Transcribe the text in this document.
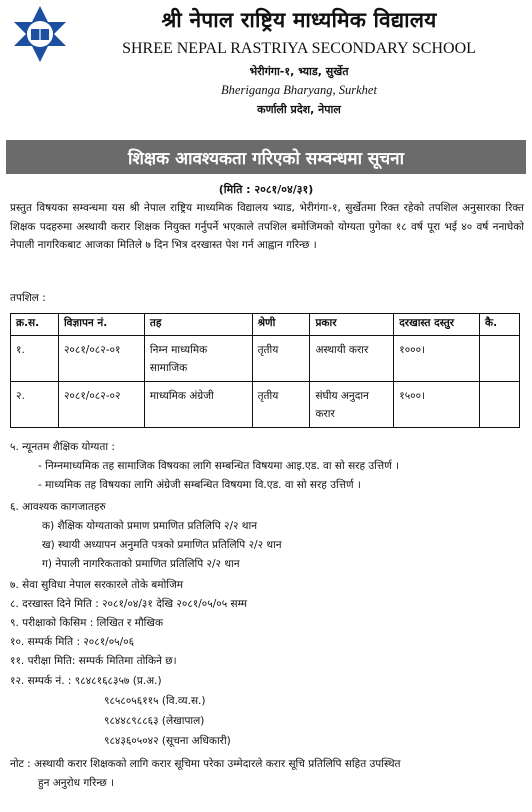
श्री नेपाल राष्ट्रिय माध्यमिक विद्यालय
SHREE NEPAL RASTRIYA SECONDARY SCHOOL
भेरीगंगा-१, भ्याड, सुर्खेत
Bheriganga Bharyang, Surkhet
कर्णाली प्रदेश, नेपाल
शिक्षक आवश्यकता गरिएको सम्वन्धमा सूचना
(मिति : २०८१/०४/३१)

प्रस्तुत विषयका सम्वन्धमा यस श्री नेपाल राष्ट्रिय माध्यमिक विद्यालय भ्याड, भेरीगंगा-१, सुर्खेतमा रिक्त रहेको तपशिल अनुसारका रिक्त शिक्षक पदहरुमा अस्थायी करार शिक्षक नियुक्त गर्नुपर्ने भएकाले तपशिल बमोजिमको योग्यता पुगेका १८ वर्ष पूरा भई ४० वर्ष ननाघेको नेपाली नागरिकबाट आजका मितिले ७ दिन भित्र दरखास्त पेश गर्न आह्वान गरिन्छ ।

तपशिल :
क्र.स.	विज्ञापन नं.	तह	श्रेणी	प्रकार	दरखास्त दस्तुर	कै.
१.	२०८१/०८२-०१	निम्न माध्यमिक सामाजिक	तृतीय	अस्थायी करार	१०००।	
२.	२०८१/०८२-०२	माध्यमिक अंग्रेजी	तृतीय	संघीय अनुदान करार	१५००।	
५. न्यूनतम शैक्षिक योग्यता :
- निम्नमाध्यमिक तह सामाजिक विषयका लागि सम्बन्धित विषयमा आइ.एड. वा सो सरह उत्तिर्ण ।
- माध्यमिक तह विषयका लागि अंग्रेजी सम्बन्धित विषयमा वि.एड. वा सो सरह उत्तिर्ण ।
६. आवश्यक कागजातहरु
क) शैक्षिक योग्यताको प्रमाण प्रमाणित प्रतिलिपि २/२ थान
ख) स्थायी अध्यापन अनुमति पत्रको प्रमाणित प्रतिलिपि २/२ थान
ग) नेपाली नागरिकताको प्रमाणित प्रतिलिपि २/२ थान
७. सेवा सुविधा नेपाल सरकारले तोके बमोजिम
८. दरखास्त दिने मिति : २०८१/०४/३१ देखि २०८१/०५/०५ सम्म
९. परीक्षाको किसिम : लिखित र मौखिक
१०. सम्पर्क मिति : २०८१/०५/०६
११. परीक्षा मिति: सम्पर्क मितिमा तोकिने छ।
१२. सम्पर्क नं. : ९८४८१६८३५७ (प्र.अ.)
९८५८०५६११५ (वि.व्य.स.)
९८४४८९८८६३ (लेखापाल)
९८४३६०५०४२ (सूचना अधिकारी)
नोट : अस्थायी करार शिक्षकको लागि करार सूचिमा परेका उम्मेदारले करार सूचि प्रतिलिपि सहित उपस्थित
हुन अनुरोध गरिन्छ ।
